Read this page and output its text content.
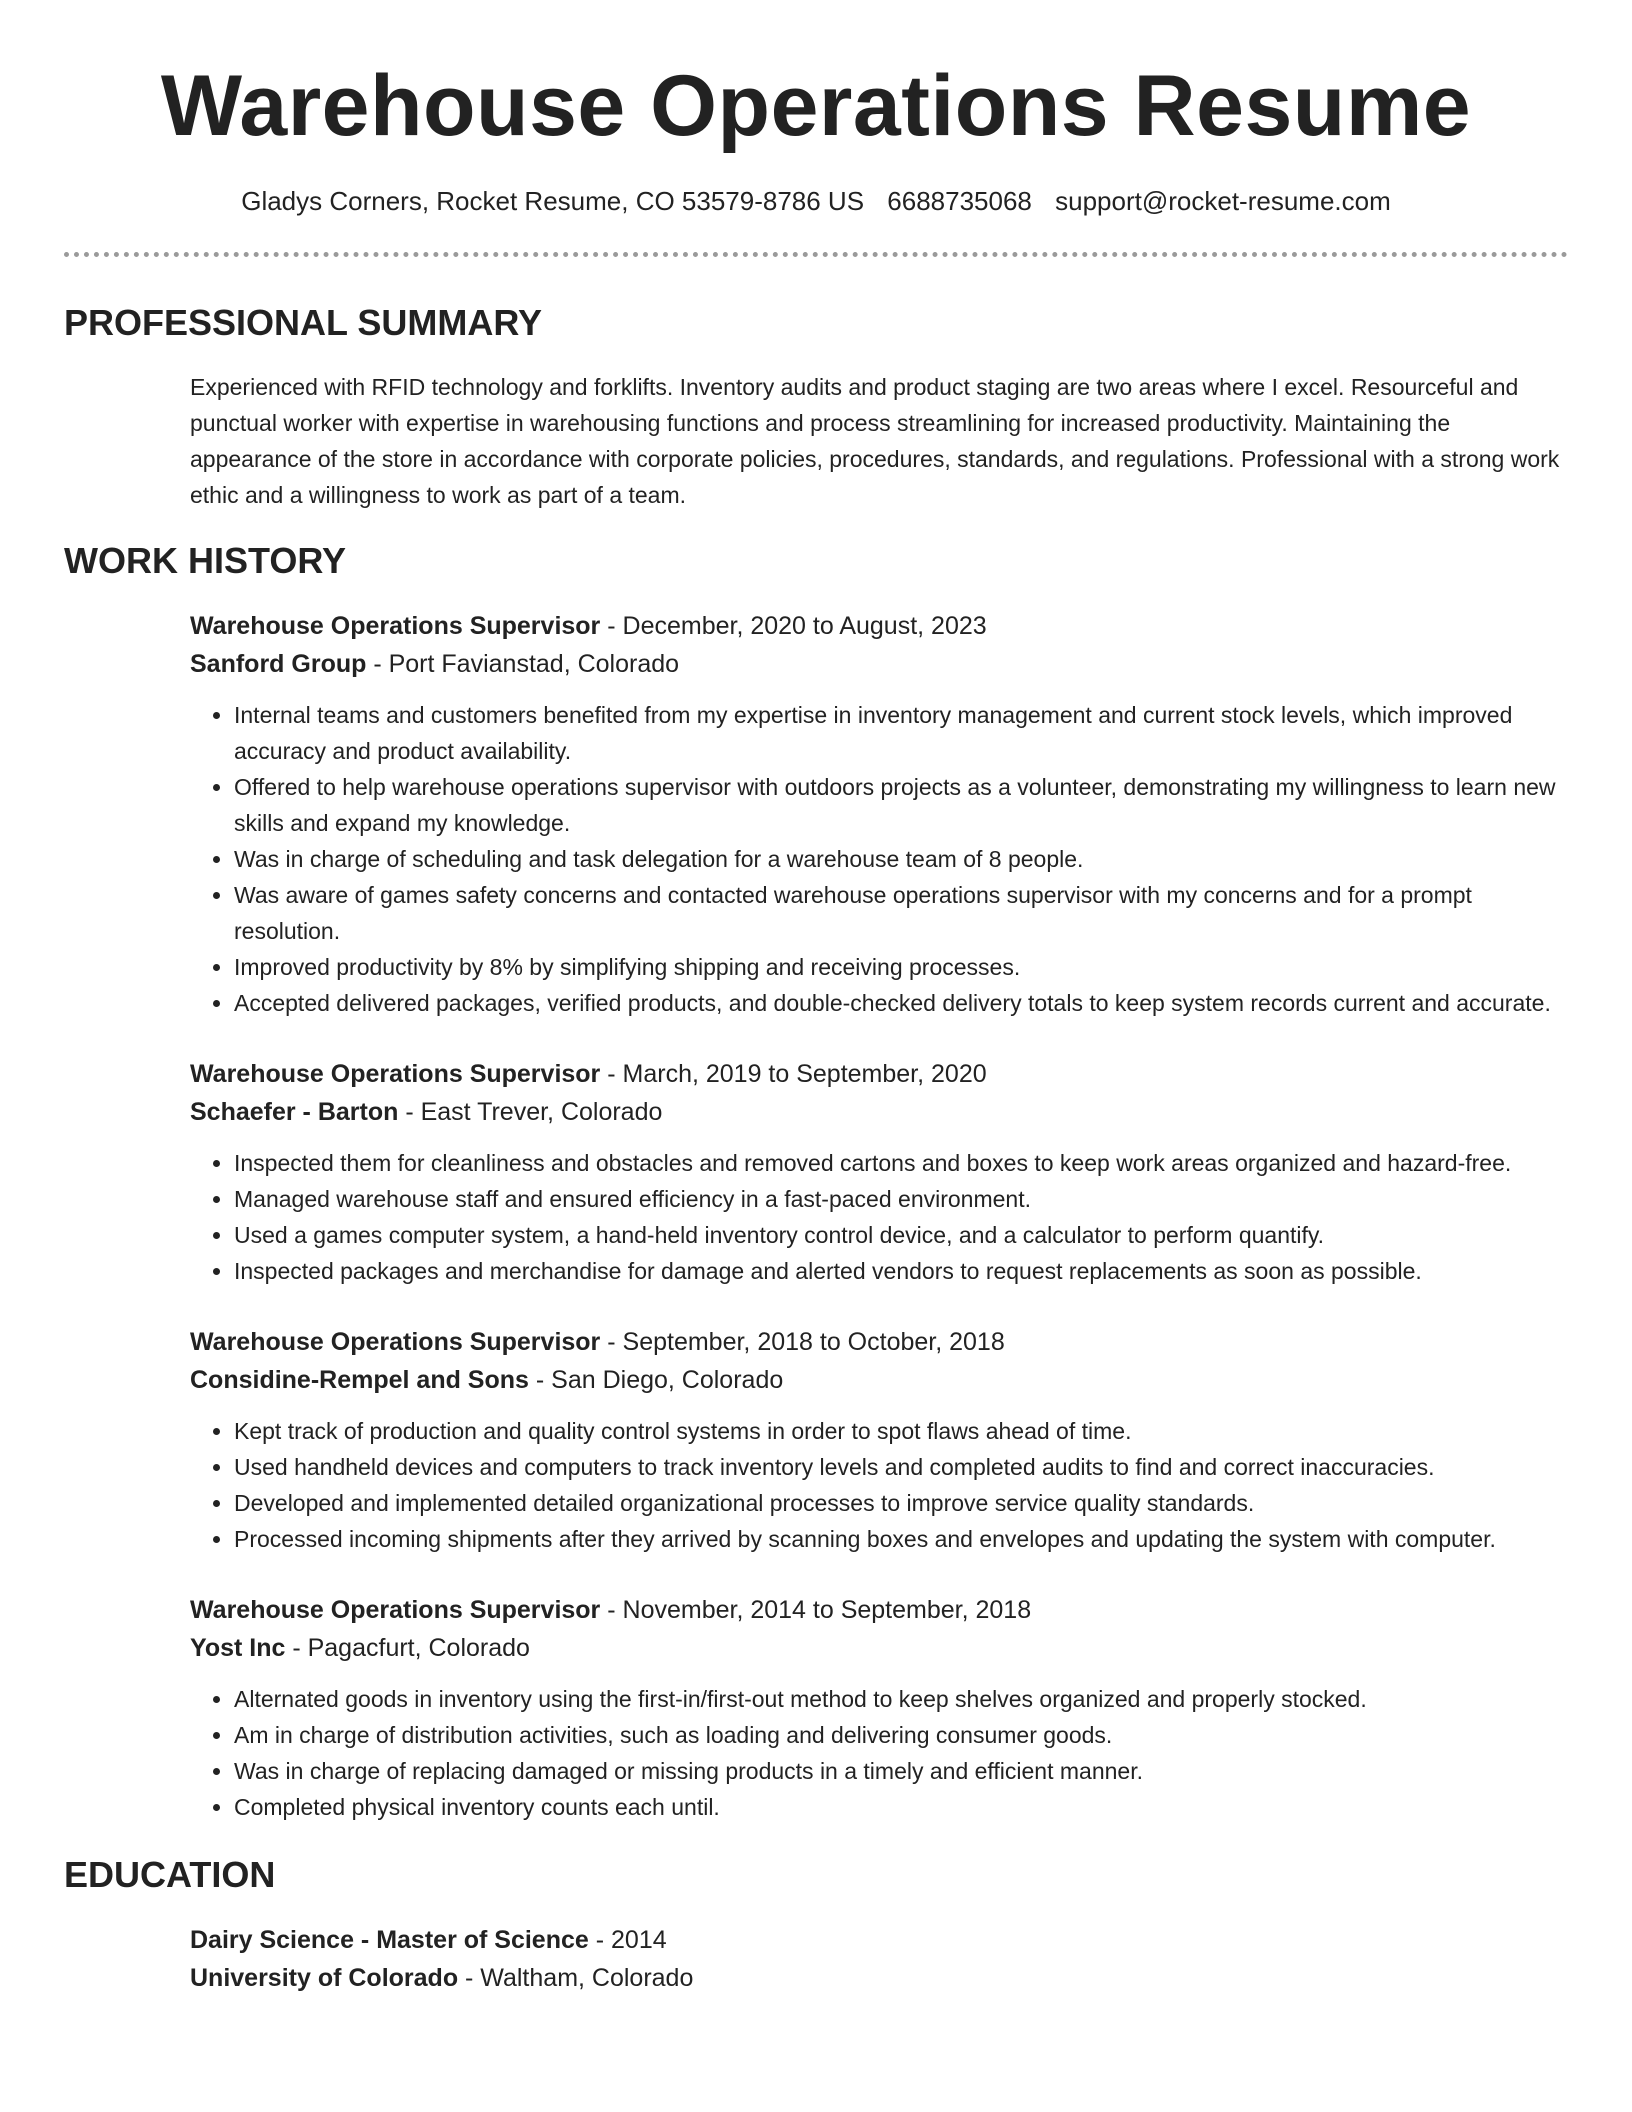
Warehouse Operations Resume
Gladys Corners, Rocket Resume, CO 53579-8786 US 6688735068 support@rocket-resume.com
PROFESSIONAL SUMMARY
Experienced with RFID technology and forklifts. Inventory audits and product staging are two areas where I excel. Resourceful and punctual worker with expertise in warehousing functions and process streamlining for increased productivity. Maintaining the appearance of the store in accordance with corporate policies, procedures, standards, and regulations. Professional with a strong work ethic and a willingness to work as part of a team.
WORK HISTORY
Warehouse Operations Supervisor - December, 2020 to August, 2023
Sanford Group - Port Favianstad, Colorado
• Internal teams and customers benefited from my expertise in inventory management and current stock levels, which improved accuracy and product availability.
• Offered to help warehouse operations supervisor with outdoors projects as a volunteer, demonstrating my willingness to learn new skills and expand my knowledge.
• Was in charge of scheduling and task delegation for a warehouse team of 8 people.
• Was aware of games safety concerns and contacted warehouse operations supervisor with my concerns and for a prompt resolution.
• Improved productivity by 8% by simplifying shipping and receiving processes.
• Accepted delivered packages, verified products, and double-checked delivery totals to keep system records current and accurate.
Warehouse Operations Supervisor - March, 2019 to September, 2020
Schaefer - Barton - East Trever, Colorado
• Inspected them for cleanliness and obstacles and removed cartons and boxes to keep work areas organized and hazard-free.
• Managed warehouse staff and ensured efficiency in a fast-paced environment.
• Used a games computer system, a hand-held inventory control device, and a calculator to perform quantify.
• Inspected packages and merchandise for damage and alerted vendors to request replacements as soon as possible.
Warehouse Operations Supervisor - September, 2018 to October, 2018
Considine-Rempel and Sons - San Diego, Colorado
• Kept track of production and quality control systems in order to spot flaws ahead of time.
• Used handheld devices and computers to track inventory levels and completed audits to find and correct inaccuracies.
• Developed and implemented detailed organizational processes to improve service quality standards.
• Processed incoming shipments after they arrived by scanning boxes and envelopes and updating the system with computer.
Warehouse Operations Supervisor - November, 2014 to September, 2018
Yost Inc - Pagacfurt, Colorado
• Alternated goods in inventory using the first-in/first-out method to keep shelves organized and properly stocked.
• Am in charge of distribution activities, such as loading and delivering consumer goods.
• Was in charge of replacing damaged or missing products in a timely and efficient manner.
• Completed physical inventory counts each until.
EDUCATION
Dairy Science - Master of Science - 2014
University of Colorado - Waltham, Colorado
